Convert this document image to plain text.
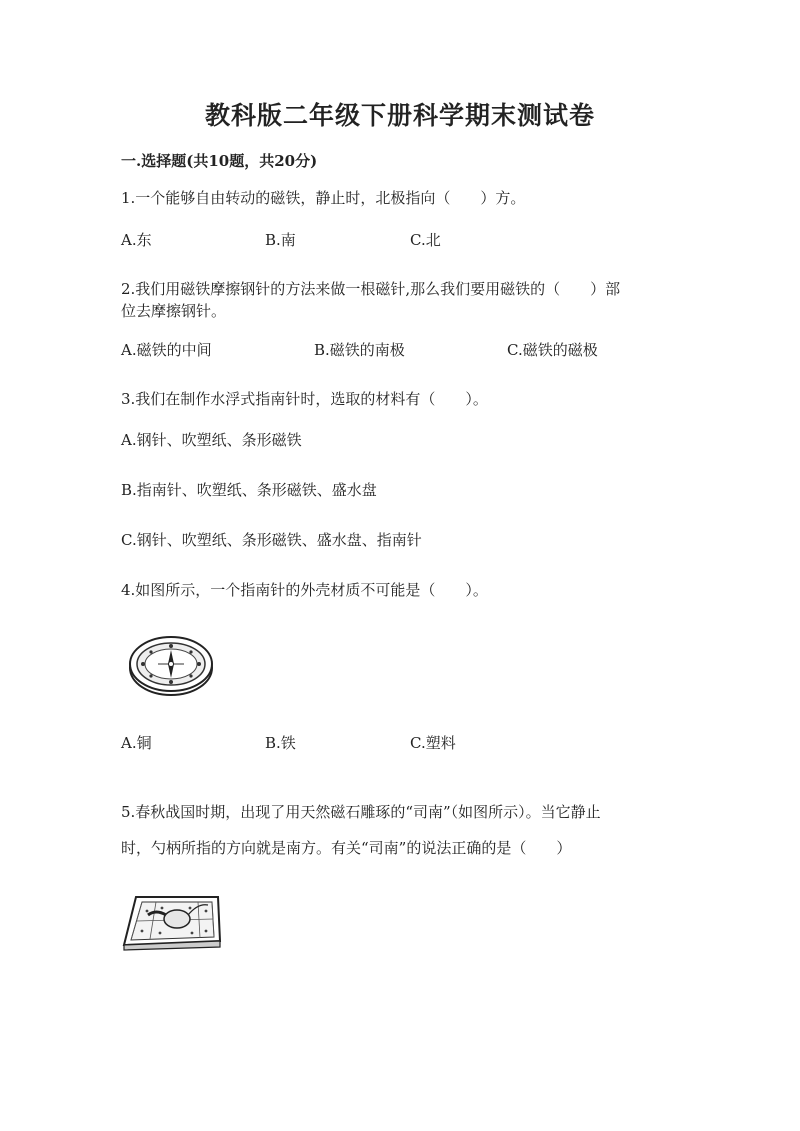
教科版二年级下册科学期末测试卷
一.选择题(共10题，共20分)
1.一个能够自由转动的磁铁，静止时，北极指向（　　）方。
A.东	B.南	C.北
2.我们用磁铁摩擦钢针的方法来做一根磁针,那么我们要用磁铁的（　　）部
位去摩擦钢针。
A.磁铁的中间	B.磁铁的南极	C.磁铁的磁极
3.我们在制作水浮式指南针时，选取的材料有（　　）。
A.钢针、吹塑纸、条形磁铁
B.指南针、吹塑纸、条形磁铁、盛水盘
C.钢针、吹塑纸、条形磁铁、盛水盘、指南针
4.如图所示，一个指南针的外壳材质不可能是（　　）。
A.铜	B.铁	C.塑料
5.春秋战国时期，出现了用天然磁石雕琢的“司南”（如图所示）。当它静止
时，勺柄所指的方向就是南方。有关“司南”的说法正确的是（　　）
